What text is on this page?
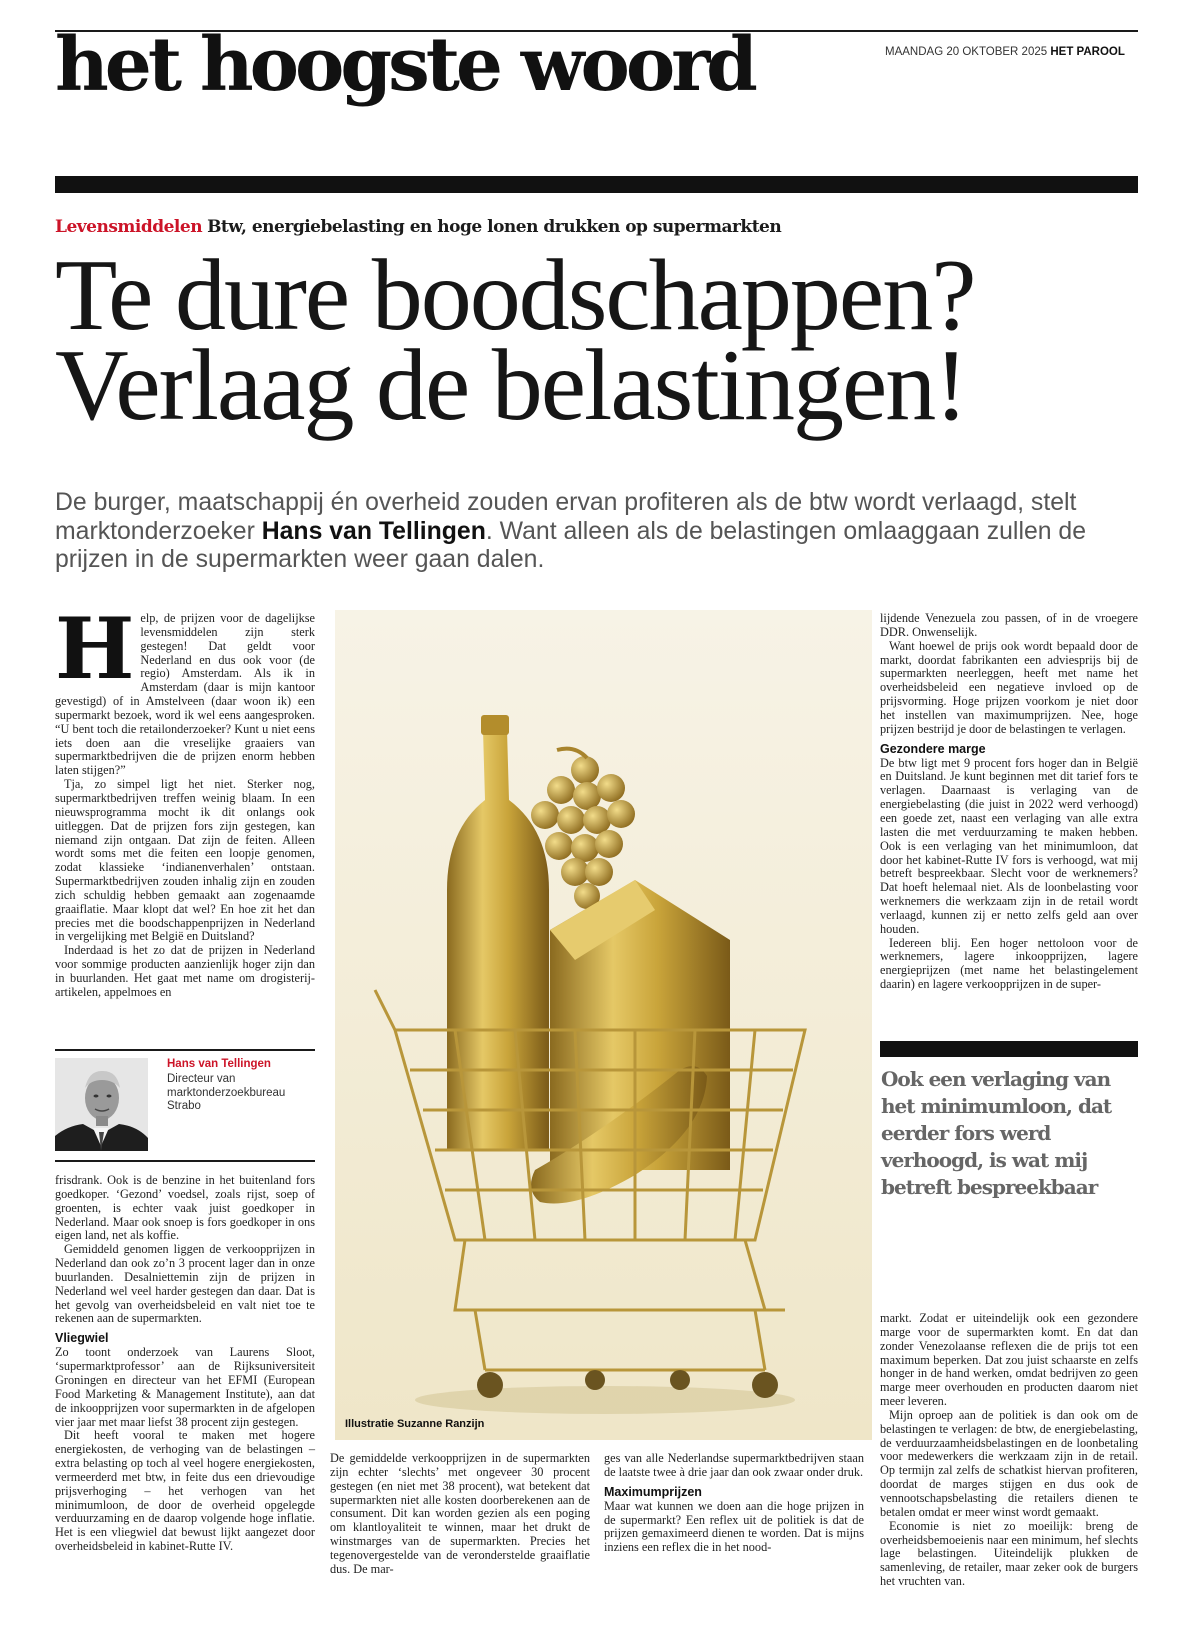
het hoogste woord	MAANDAG 20 OKTOBER 2025 HET PAROOL
Levensmiddelen Btw, energiebelasting en hoge lonen drukken op supermarkten
Te dure boodschappen?
Verlaag de belastingen!
De burger, maatschappij én overheid zouden ervan profiteren als de btw wordt verlaagd, stelt marktonderzoeker Hans van Tellingen. Want alleen als de belastingen omlaaggaan zullen de prijzen in de supermarkten weer gaan dalen.
H elp, de prijzen voor de dagelijkse levensmiddelen zijn sterk gestegen! Dat geldt voor Nederland en dus ook voor (de regio) Amsterdam. Als ik in Amsterdam (daar is mijn kantoor gevestigd) of in Amstelveen (daar woon ik) een supermarkt bezoek, word ik wel eens aangesproken. “U bent toch die retailonderzoeker? Kunt u niet eens iets doen aan die vreselijke graaiers van supermarktbedrijven die de prijzen enorm hebben laten stijgen?”

Tja, zo simpel ligt het niet. Sterker nog, supermarktbedrijven treffen weinig blaam. In een nieuwsprogramma mocht ik dit onlangs ook uitleggen. Dat de prijzen fors zijn gestegen, kan niemand zijn ontgaan. Dat zijn de feiten. Alleen wordt soms met die feiten een loopje genomen, zodat klassieke ‘indianenverhalen’ ontstaan. Supermarktbedrijven zouden inhalig zijn en zouden zich schuldig hebben gemaakt aan zogenaamde graaiflatie. Maar klopt dat wel? En hoe zit het dan precies met die boodschappenprijzen in Nederland in vergelijking met België en Duitsland?

Inderdaad is het zo dat de prijzen in Nederland voor sommige producten aanzienlijk hoger zijn dan in buurlanden. Het gaat met name om drogisterij-artikelen, appelmoes en

Hans van Tellingen
Directeur van marktonderzoekbureau Strabo

frisdrank. Ook is de benzine in het buitenland fors goedkoper. ‘Gezond’ voedsel, zoals rijst, soep of groenten, is echter vaak juist goedkoper in Nederland. Maar ook snoep is fors goedkoper in ons eigen land, net als koffie.

Gemiddeld genomen liggen de verkoopprijzen in Nederland dan ook zo’n 3 procent lager dan in onze buurlanden. Desalniettemin zijn de prijzen in Nederland wel veel harder gestegen dan daar. Dat is het gevolg van overheidsbeleid en valt niet toe te rekenen aan de supermarkten.

Vliegwiel

Zo toont onderzoek van Laurens Sloot, ‘supermarktprofessor’ aan de Rijksuniversiteit Groningen en directeur van het EFMI (European Food Marketing & Management Institute), aan dat de inkoopprijzen voor supermarkten in de afgelopen vier jaar met maar liefst 38 procent zijn gestegen.

Dit heeft vooral te maken met hogere energiekosten, de verhoging van de belastingen – extra belasting op toch al veel hogere energiekosten, vermeerderd met btw, in feite dus een drievoudige prijsverhoging – het verhogen van het minimumloon, de door de overheid opgelegde verduurzaming en de daarop volgende hoge inflatie. Het is een vliegwiel dat bewust lijkt aangezet door overheidsbeleid in kabinet-Rutte IV.

Illustratie Suzanne Ranzijn

De gemiddelde verkoopprijzen in de supermarkten zijn echter ‘slechts’ met ongeveer 30 procent gestegen (en niet met 38 procent), wat betekent dat supermarkten niet alle kosten doorberekenen aan de consument. Dit kan worden gezien als een poging om klantloyaliteit te winnen, maar het drukt de winstmarges van de supermarkten. Precies het tegenovergestelde van de veronderstelde graaiflatie dus. De mar-

ges van alle Nederlandse supermarktbedrijven staan de laatste twee à drie jaar dan ook zwaar onder druk.

Maximumprijzen

Maar wat kunnen we doen aan die hoge prijzen in de supermarkt? Een reflex uit de politiek is dat de prijzen gemaximeerd dienen te worden. Dat is mijns inziens een reflex die in het nood-

lijdende Venezuela zou passen, of in de vroegere DDR. Onwenselijk.

Want hoewel de prijs ook wordt bepaald door de markt, doordat fabrikanten een adviesprijs bij de supermarkten neerleggen, heeft met name het overheidsbeleid een negatieve invloed op de prijsvorming. Hoge prijzen voorkom je niet door het instellen van maximumprijzen. Nee, hoge prijzen bestrijd je door de belastingen te verlagen.

Gezondere marge

De btw ligt met 9 procent fors hoger dan in België en Duitsland. Je kunt beginnen met dit tarief fors te verlagen. Daarnaast is verlaging van de energiebelasting (die juist in 2022 werd verhoogd) een goede zet, naast een verlaging van alle extra lasten die met verduurzaming te maken hebben. Ook is een verlaging van het minimumloon, dat door het kabinet-Rutte IV fors is verhoogd, wat mij betreft bespreekbaar. Slecht voor de werknemers? Dat hoeft helemaal niet. Als de loonbelasting voor werknemers die werkzaam zijn in de retail wordt verlaagd, kunnen zij er netto zelfs geld aan over houden.

Iedereen blij. Een hoger nettoloon voor de werknemers, lagere inkoopprijzen, lagere energieprijzen (met name het belastingelement daarin) en lagere verkoopprijzen in de super-

Ook een verlaging van het minimumloon, dat eerder fors werd verhoogd, is wat mij betreft bespreekbaar

markt. Zodat er uiteindelijk ook een gezondere marge voor de supermarkten komt. En dat dan zonder Venezolaanse reflexen die de prijs tot een maximum beperken. Dat zou juist schaarste en zelfs honger in de hand werken, omdat bedrijven zo geen marge meer overhouden en producten daarom niet meer leveren.

Mijn oproep aan de politiek is dan ook om de belastingen te verlagen: de btw, de energiebelasting, de verduurzaamheidsbelastingen en de loonbetaling voor medewerkers die werkzaam zijn in de retail. Op termijn zal zelfs de schatkist hiervan profiteren, doordat de marges stijgen en dus ook de vennootschapsbelasting die retailers dienen te betalen omdat er meer winst wordt gemaakt.

Economie is niet zo moeilijk: breng de overheidsbemoeienis naar een minimum, hef slechts lage belastingen. Uiteindelijk plukken de samenleving, de retailer, maar zeker ook de burgers het vruchten van.
